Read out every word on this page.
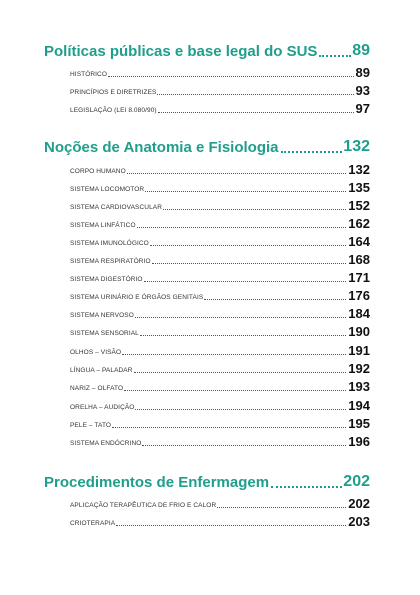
Políticas públicas e base legal do SUS 89
HISTÓRICO	89
PRINCÍPIOS E DIRETRIZES	93
LEGISLAÇÃO (LEI 8.080/90)	97
Noções de Anatomia e Fisiologia	132
CORPO HUMANO	132
SISTEMA LOCOMOTOR	135
SISTEMA CARDIOVASCULAR	152
SISTEMA LINFÁTICO	162
SISTEMA IMUNOLÓGICO	164
SISTEMA RESPIRATÓRIO	168
SISTEMA DIGESTÓRIO	171
SISTEMA URINÁRIO E ÓRGÃOS GENITAIS	176
SISTEMA NERVOSO	184
SISTEMA SENSORIAL	190
OLHOS – VISÃO	191
LÍNGUA – PALADAR	192
NARIZ – OLFATO	193
ORELHA – AUDIÇÃO	194
PELE – TATO	195
SISTEMA ENDÓCRINO	196
Procedimentos de Enfermagem	202
APLICAÇÃO TERAPÊUTICA DE FRIO E CALOR	202
CRIOTERAPIA	203
